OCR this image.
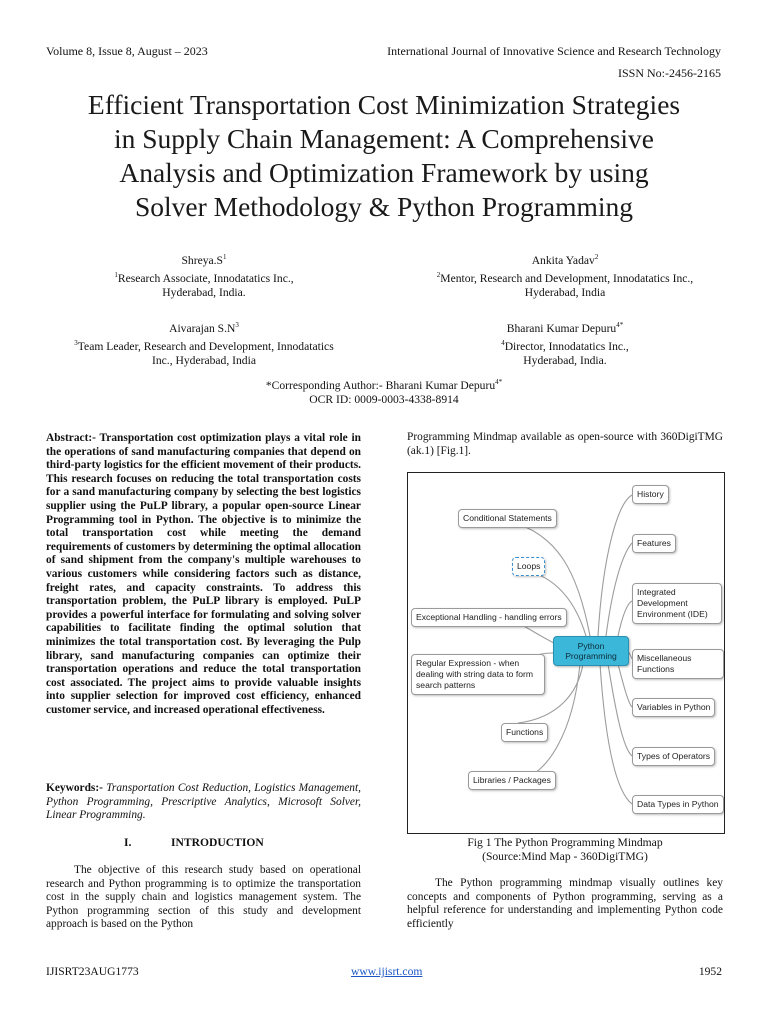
Volume 8, Issue 8, August – 2023	International Journal of Innovative Science and Research Technology
ISSN No:-2456-2165
Efficient Transportation Cost Minimization Strategies
in Supply Chain Management: A Comprehensive
Analysis and Optimization Framework by using
Solver Methodology & Python Programming
$Shreya.S^1$
$^1$Research Associate, Innodatatics Inc.,
Hyderabad, India.
Ankita Yadav$^2$
$^2$Mentor, Research and Development, Innodatatics Inc.,
Hyderabad, India
Aivarajan $S.N^3$
$^3$Team Leader, Research and Development, Innodatatics
Inc., Hyderabad, India
Bharani Kumar Depuru$^{4*}$
$^4$Director, Innodatatics Inc.,
Hyderabad, India.
*Corresponding Author:- Bharani Kumar Depuru$^{4*}$
OCR ID: 0009-0003-4338-8914

Abstract:- Transportation cost optimization plays a vital role in the operations of sand manufacturing companies that depend on third-party logistics for the efficient movement of their products. This research focuses on reducing the total transportation costs for a sand manufacturing company by selecting the best logistics supplier using the PuLP library, a popular open-source Linear Programming tool in Python. The objective is to minimize the total transportation cost while meeting the demand requirements of customers by determining the optimal allocation of sand shipment from the company's multiple warehouses to various customers while considering factors such as distance, freight rates, and capacity constraints. To address this transportation problem, the PuLP library is employed. PuLP provides a powerful interface for formulating and solving solver capabilities to facilitate finding the optimal solution that minimizes the total transportation cost. By leveraging the Pulp library, sand manufacturing companies can optimize their transportation operations and reduce the total transportation cost associated. The project aims to provide valuable insights into supplier selection for improved cost efficiency, enhanced customer service, and increased operational effectiveness.

Keywords:- Transportation Cost Reduction, Logistics Management, Python Programming, Prescriptive Analytics, Microsoft Solver, Linear Programming.

I.	INTRODUCTION

The objective of this research study based on operational research and Python programming is to optimize the transportation cost in the supply chain and logistics management system. The Python programming section of this study and development approach is based on the Python

Programming Mindmap available as open-source with 360DigiTMG (ak.1) [Fig.1].

Python Programming
Conditional Statements
Loops
Exceptional Handling - handling errors
Regular Expression - when dealing with string data to form search patterns
Functions
Libraries / Packages
History
Features
Integrated Development Environment (IDE)
Miscellaneous Functions
Variables in Python
Types of Operators
Data Types in Python
Fig 1 The Python Programming Mindmap
(Source:Mind Map - 360DigiTMG)

The Python programming mindmap visually outlines key concepts and components of Python programming, serving as a helpful reference for understanding and implementing Python code efficiently

IJISRT23AUG1773	www.ijisrt.com	1952
